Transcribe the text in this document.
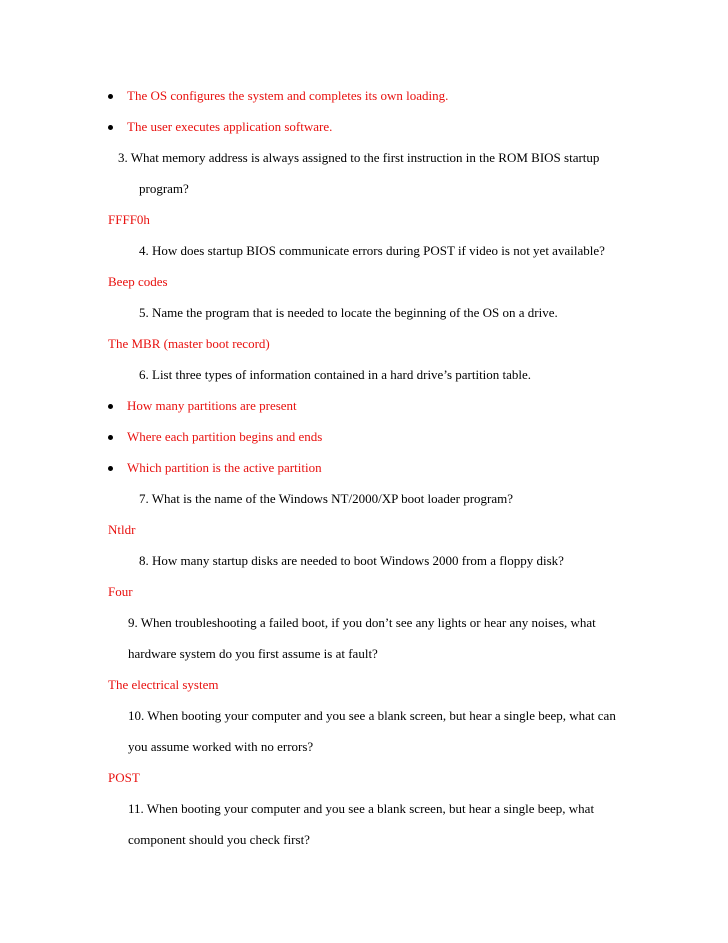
The OS configures the system and completes its own loading.
The user executes application software.
3. What memory address is always assigned to the first instruction in the ROM BIOS startup
program?
FFFF0h
4. How does startup BIOS communicate errors during POST if video is not yet available?
Beep codes
5. Name the program that is needed to locate the beginning of the OS on a drive.
The MBR (master boot record)
6. List three types of information contained in a hard drive’s partition table.
How many partitions are present
Where each partition begins and ends
Which partition is the active partition
7. What is the name of the Windows NT/2000/XP boot loader program?
Ntldr
8. How many startup disks are needed to boot Windows 2000 from a floppy disk?
Four
9. When troubleshooting a failed boot, if you don’t see any lights or hear any noises, what
hardware system do you first assume is at fault?
The electrical system
10. When booting your computer and you see a blank screen, but hear a single beep, what can
you assume worked with no errors?
POST
11. When booting your computer and you see a blank screen, but hear a single beep, what
component should you check first?
